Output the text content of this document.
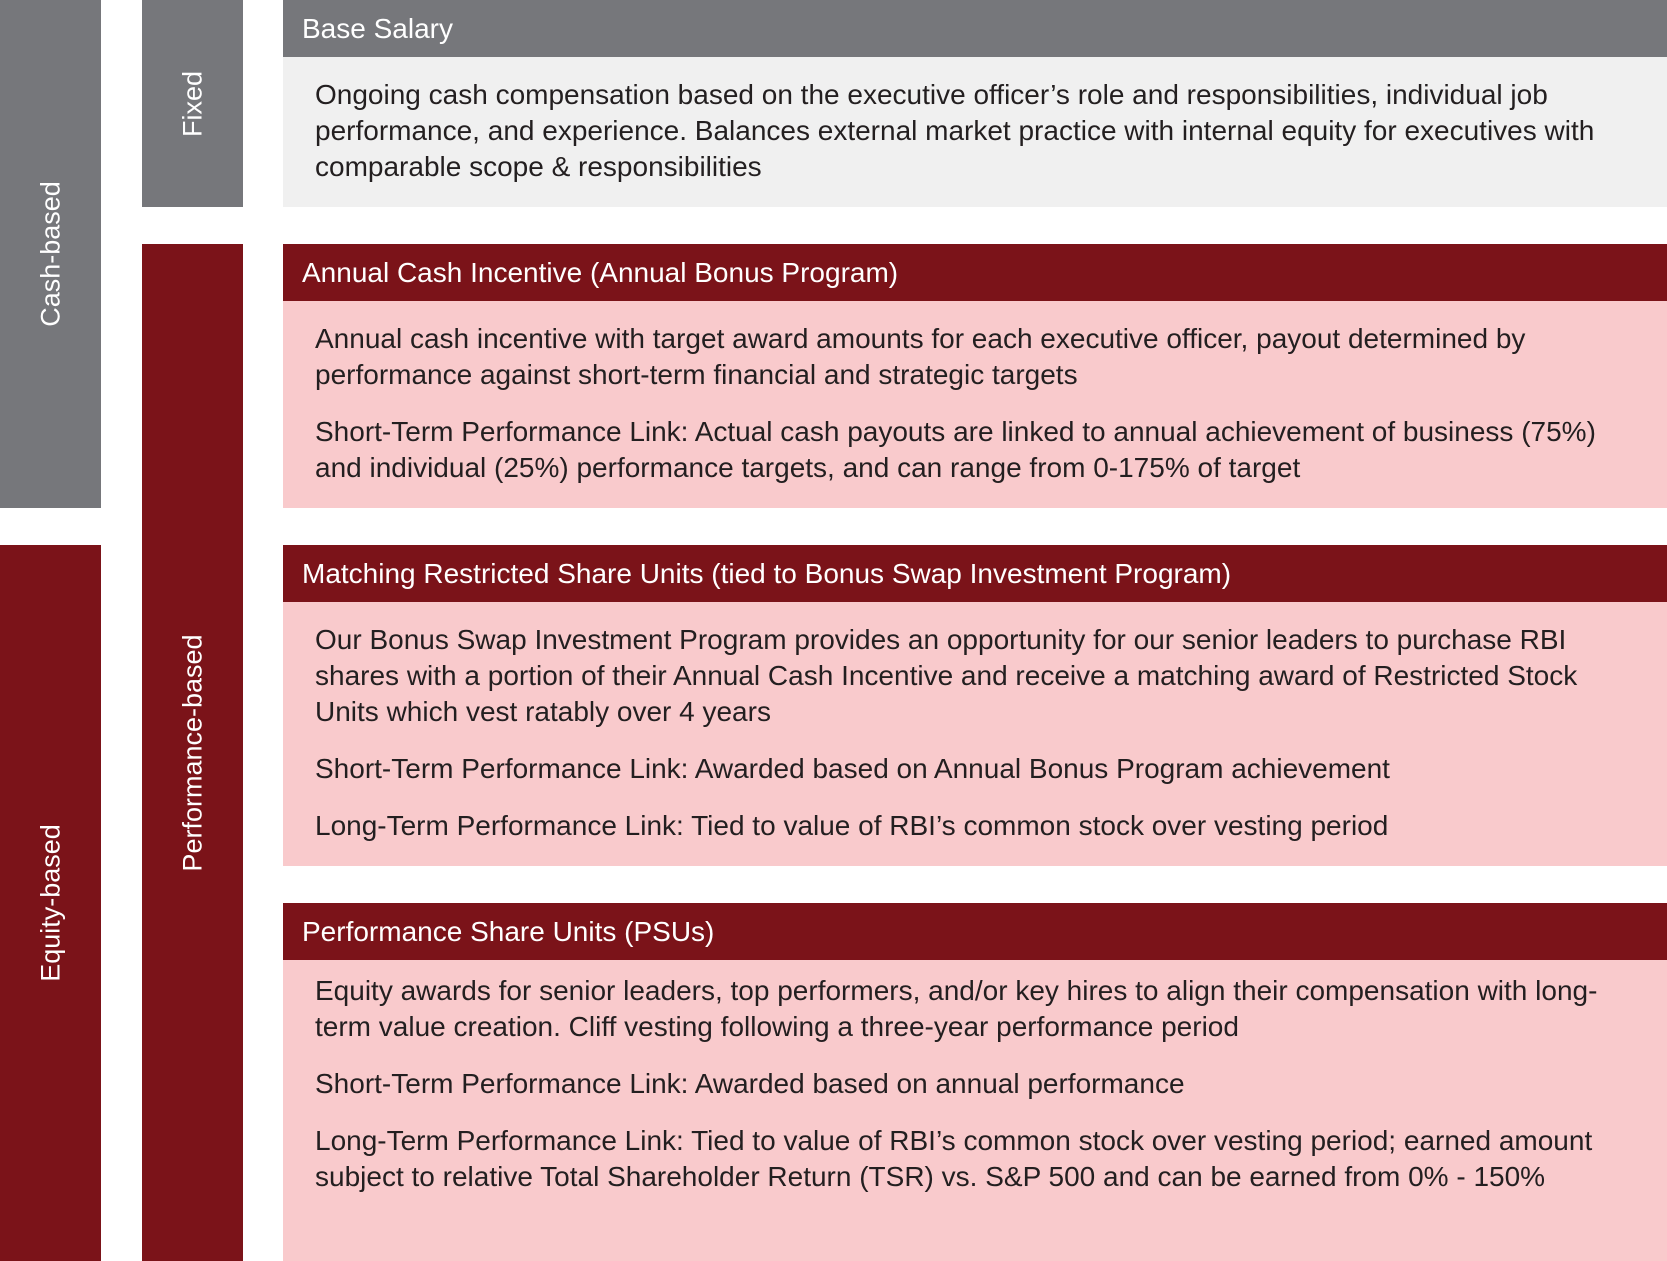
Cash-based
Equity-based
Fixed
Performance-based
Base Salary

Ongoing cash compensation based on the executive officer’s role and responsibilities, individual job performance, and experience. Balances external market practice with internal equity for executives with comparable scope & responsibilities

Annual Cash Incentive (Annual Bonus Program)

Annual cash incentive with target award amounts for each executive officer, payout determined by performance against short-term financial and strategic targets

Short-Term Performance Link: Actual cash payouts are linked to annual achievement of business (75%) and individual (25%) performance targets, and can range from 0-175% of target

Matching Restricted Share Units (tied to Bonus Swap Investment Program)

Our Bonus Swap Investment Program provides an opportunity for our senior leaders to purchase RBI shares with a portion of their Annual Cash Incentive and receive a matching award of Restricted Stock Units which vest ratably over 4 years

Short-Term Performance Link: Awarded based on Annual Bonus Program achievement

Long-Term Performance Link: Tied to value of RBI’s common stock over vesting period

Performance Share Units (PSUs)

Equity awards for senior leaders, top performers, and/or key hires to align their compensation with long-term value creation. Cliff vesting following a three-year performance period

Short-Term Performance Link: Awarded based on annual performance

Long-Term Performance Link: Tied to value of RBI’s common stock over vesting period; earned amount subject to relative Total Shareholder Return (TSR) vs. S&P 500 and can be earned from 0% - 150%
